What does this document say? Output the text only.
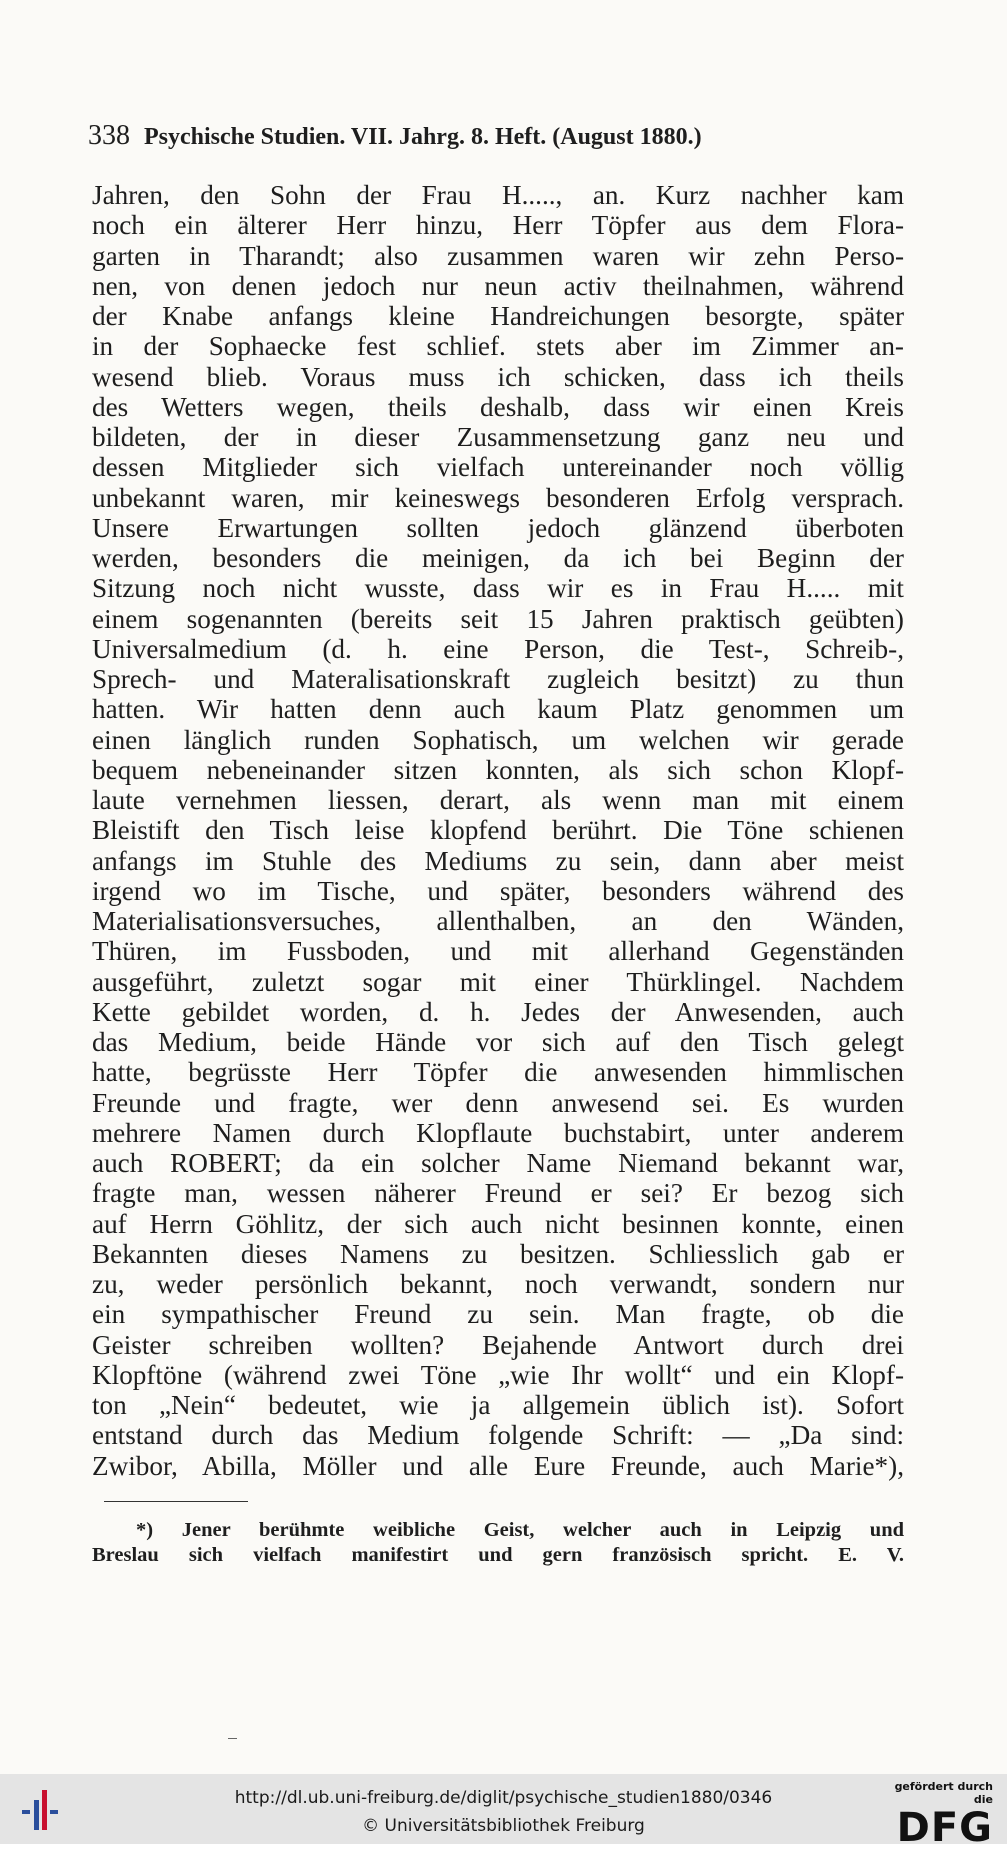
338 Psychische Studien. VII. Jahrg. 8. Heft. (August 1880.)
Jahren, den Sohn der Frau H....., an. Kurz nachher kam
noch ein älterer Herr hinzu, Herr Töpfer aus dem Flora-
garten in Tharandt; also zusammen waren wir zehn Perso-
nen, von denen jedoch nur neun activ theilnahmen, während
der Knabe anfangs kleine Handreichungen besorgte, später
in der Sophaecke fest schlief. stets aber im Zimmer an-
wesend blieb. Voraus muss ich schicken, dass ich theils
des Wetters wegen, theils deshalb, dass wir einen Kreis
bildeten, der in dieser Zusammensetzung ganz neu und
dessen Mitglieder sich vielfach untereinander noch völlig
unbekannt waren, mir keineswegs besonderen Erfolg versprach.
Unsere Erwartungen sollten jedoch glänzend überboten
werden, besonders die meinigen, da ich bei Beginn der
Sitzung noch nicht wusste, dass wir es in Frau H..... mit
einem sogenannten (bereits seit 15 Jahren praktisch geübten)
Universalmedium (d. h. eine Person, die Test-, Schreib-,
Sprech- und Materalisationskraft zugleich besitzt) zu thun
hatten. Wir hatten denn auch kaum Platz genommen um
einen länglich runden Sophatisch, um welchen wir gerade
bequem nebeneinander sitzen konnten, als sich schon Klopf-
laute vernehmen liessen, derart, als wenn man mit einem
Bleistift den Tisch leise klopfend berührt. Die Töne schienen
anfangs im Stuhle des Mediums zu sein, dann aber meist
irgend wo im Tische, und später, besonders während des
Materialisationsversuches, allenthalben, an den Wänden,
Thüren, im Fussboden, und mit allerhand Gegenständen
ausgeführt, zuletzt sogar mit einer Thürklingel. Nachdem
Kette gebildet worden, d. h. Jedes der Anwesenden, auch
das Medium, beide Hände vor sich auf den Tisch gelegt
hatte, begrüsste Herr Töpfer die anwesenden himmlischen
Freunde und fragte, wer denn anwesend sei. Es wurden
mehrere Namen durch Klopflaute buchstabirt, unter anderem
auch ROBERT; da ein solcher Name Niemand bekannt war,
fragte man, wessen näherer Freund er sei? Er bezog sich
auf Herrn Göhlitz, der sich auch nicht besinnen konnte, einen
Bekannten dieses Namens zu besitzen. Schliesslich gab er
zu, weder persönlich bekannt, noch verwandt, sondern nur
ein sympathischer Freund zu sein. Man fragte, ob die
Geister schreiben wollten? Bejahende Antwort durch drei
Klopftöne (während zwei Töne „wie Ihr wollt“ und ein Klopf-
ton „Nein“ bedeutet, wie ja allgemein üblich ist). Sofort
entstand durch das Medium folgende Schrift: — „Da sind:
Zwibor, Abilla, Möller und alle Eure Freunde, auch Marie*),
*) Jener berühmte weibliche Geist, welcher auch in Leipzig und
Breslau sich vielfach manifestirt und gern französisch spricht. E. V.
http://dl.ub.uni-freiburg.de/diglit/psychische_studien1880/0346
© Universitätsbibliothek Freiburg
gefördert durch die
DFG
